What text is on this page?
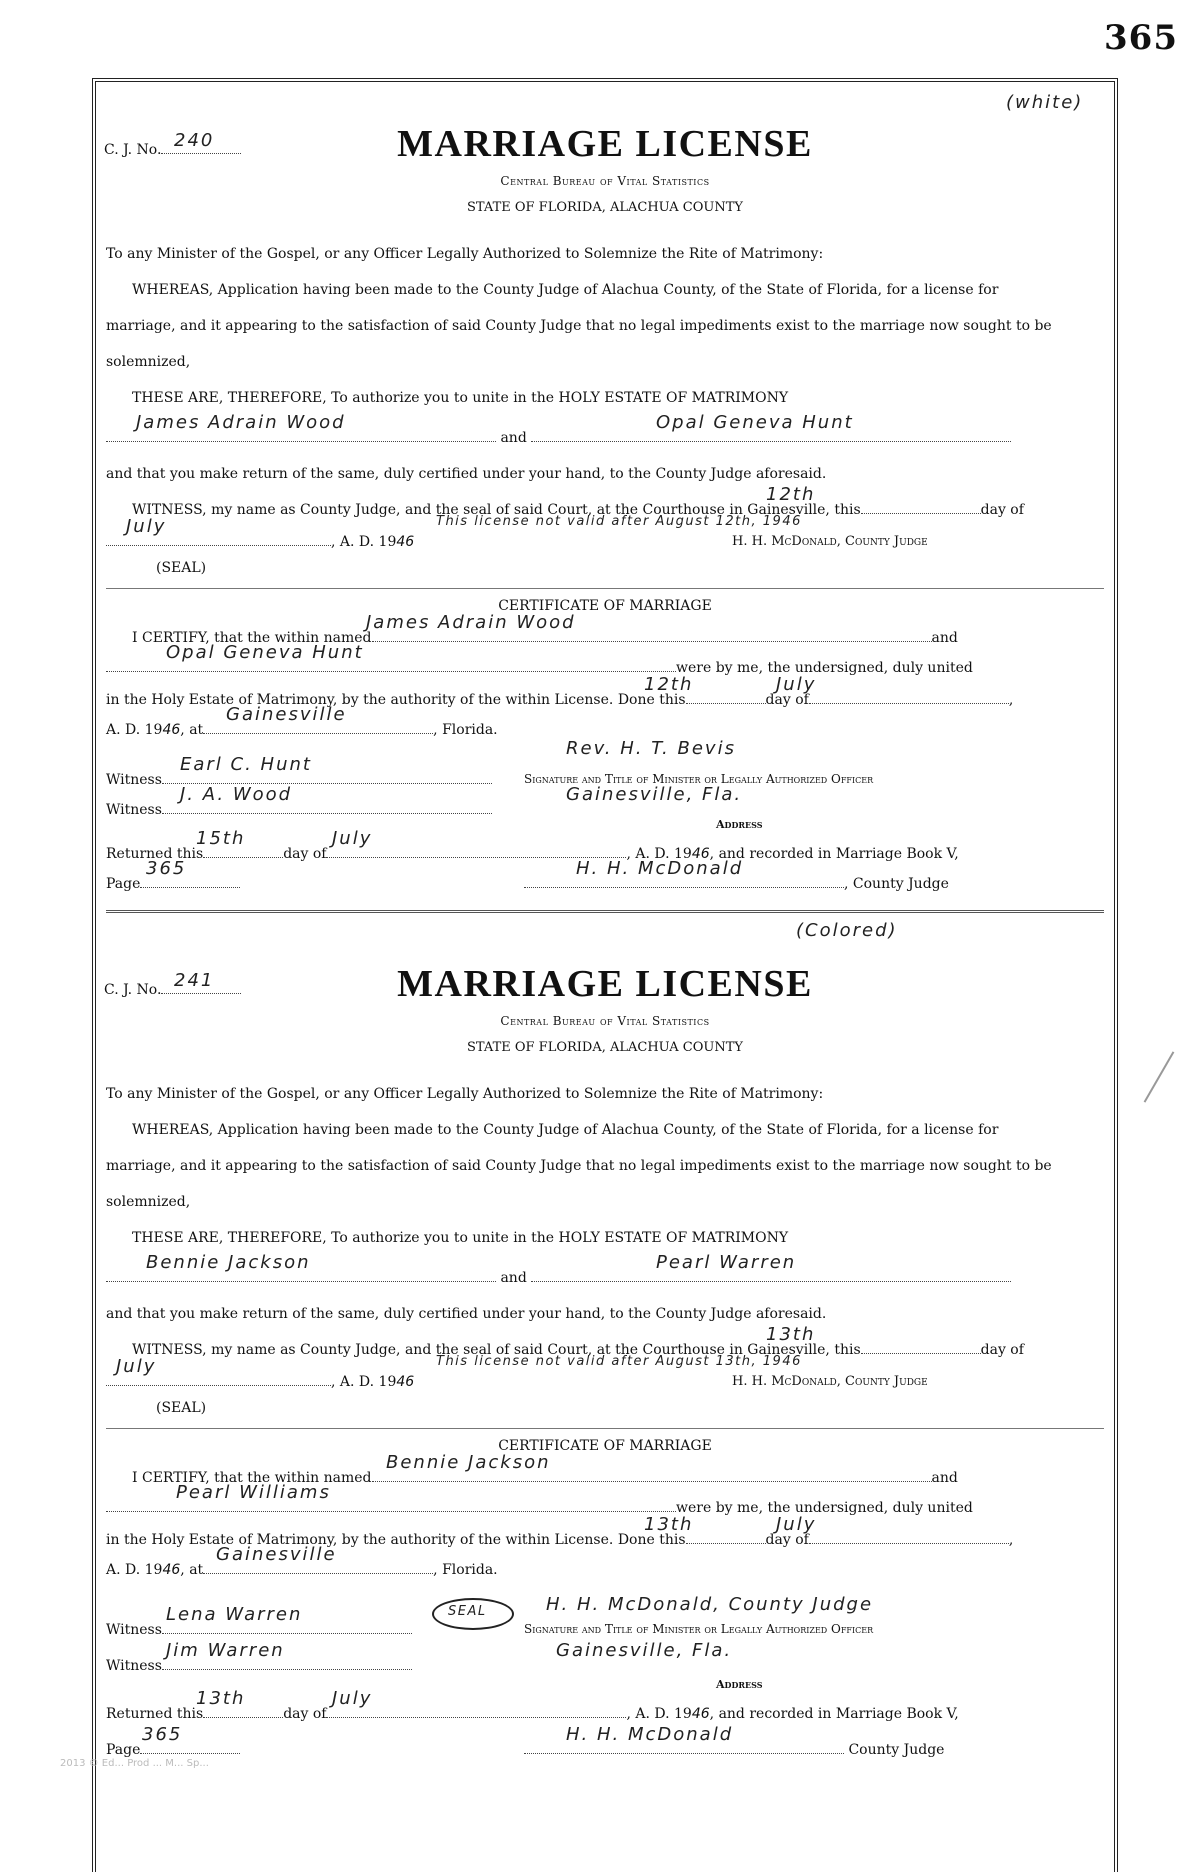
365
(white)
C. J. No. 240	MARRIAGE LICENSE
Central Bureau of Vital Statistics
STATE OF FLORIDA, ALACHUA COUNTY
To any Minister of the Gospel, or any Officer Legally Authorized to Solemnize the Rite of Matrimony:
WHEREAS, Application having been made to the County Judge of Alachua County, of the State of Florida, for a license for
marriage, and it appearing to the satisfaction of said County Judge that no legal impediments exist to the marriage now sought to be
solemnized,
THESE ARE, THEREFORE, To authorize you to unite in the HOLY ESTATE OF MATRIMONY
and
James Adrain Wood	Opal Geneva Hunt
and that you make return of the same, duly certified under your hand, to the County Judge aforesaid.
WITNESS, my name as County Judge, and the seal of said Court, at the Courthouse in Gainesville, this	day of
12th
This license not valid after August 12th, 1946
, A. D. 1946
July
H. H. McDonald, County Judge
(SEAL)
CERTIFICATE OF MARRIAGE
I CERTIFY, that the within named	and
James Adrain Wood
were by me, the undersigned, duly united
Opal Geneva Hunt
in the Holy Estate of Matrimony, by the authority of the within License. Done this	day of	,
12th	July
A. D. 1946, at	, Florida.
Gainesville
Rev. H. T. Bevis
Witness
Earl C. Hunt
Signature and Title of Minister or Legally Authorized Officer
Witness
J. A. Wood	Gainesville, Fla.
Address
Returned this	day of	, A. D. 1946, and recorded in Marriage Book V,
15th	July
Page
365
, County Judge
H. H. McDonald
(Colored)
C. J. No. 241	MARRIAGE LICENSE
Central Bureau of Vital Statistics
STATE OF FLORIDA, ALACHUA COUNTY
To any Minister of the Gospel, or any Officer Legally Authorized to Solemnize the Rite of Matrimony:
WHEREAS, Application having been made to the County Judge of Alachua County, of the State of Florida, for a license for
marriage, and it appearing to the satisfaction of said County Judge that no legal impediments exist to the marriage now sought to be
solemnized,
THESE ARE, THEREFORE, To authorize you to unite in the HOLY ESTATE OF MATRIMONY
and
Bennie Jackson	Pearl Warren
and that you make return of the same, duly certified under your hand, to the County Judge aforesaid.
WITNESS, my name as County Judge, and the seal of said Court, at the Courthouse in Gainesville, this	day of
13th
This license not valid after August 13th, 1946
, A. D. 1946
July
H. H. McDonald, County Judge
(SEAL)
CERTIFICATE OF MARRIAGE
I CERTIFY, that the within named	and
Bennie Jackson
were by me, the undersigned, duly united
Pearl Williams
in the Holy Estate of Matrimony, by the authority of the within License. Done this	day of	,
13th	July
A. D. 1946, at	, Florida.
Gainesville
H. H. McDonald, County Judge
SEAL
Witness
Lena Warren
Signature and Title of Minister or Legally Authorized Officer
Witness
Jim Warren	Gainesville, Fla.
Address
Returned this	day of	, A. D. 1946, and recorded in Marriage Book V,
13th	July
Page
365
County Judge
H. H. McDonald
2013 © Ed... Prod ... M... Sp...
